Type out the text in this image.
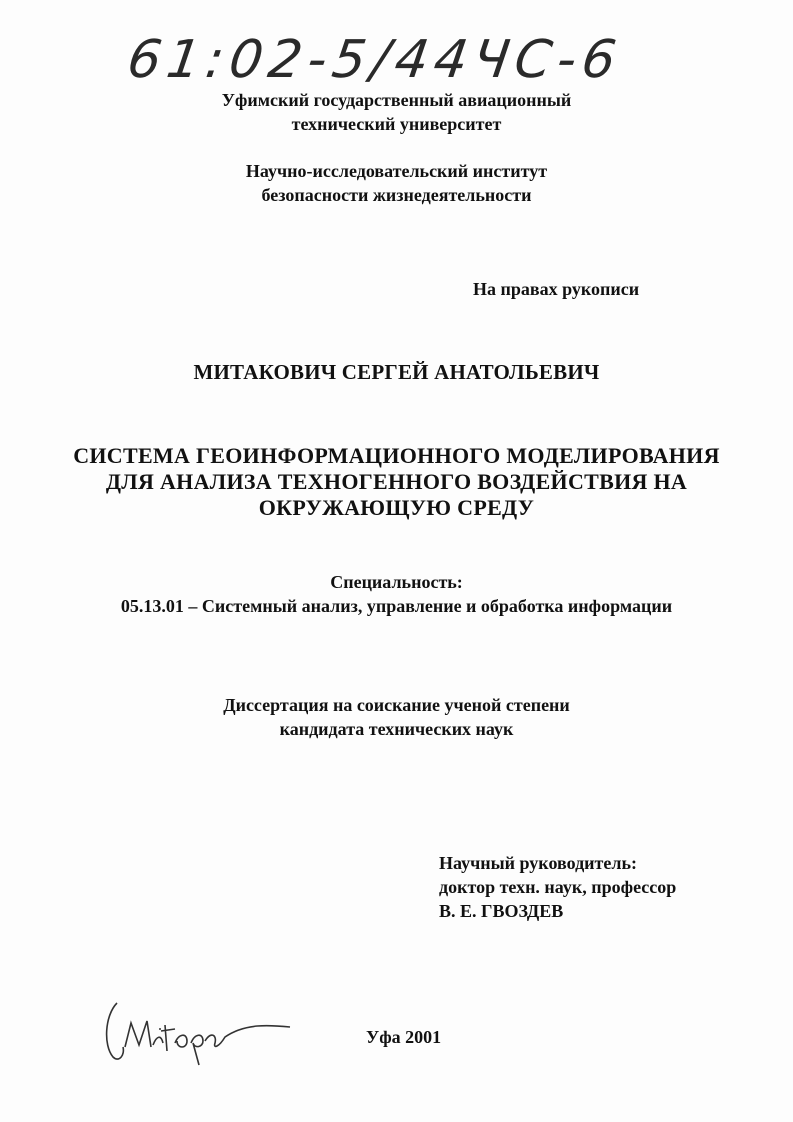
61:02-5/44ЧС-6
Уфимский государственный авиационный
технический университет
Научно-исследовательский институт
безопасности жизнедеятельности
На правах рукописи
МИТАКОВИЧ СЕРГЕЙ АНАТОЛЬЕВИЧ
СИСТЕМА ГЕОИНФОРМАЦИОННОГО МОДЕЛИРОВАНИЯ
ДЛЯ АНАЛИЗА ТЕХНОГЕННОГО ВОЗДЕЙСТВИЯ НА
ОКРУЖАЮЩУЮ СРЕДУ
Специальность:
05.13.01 – Системный анализ, управление и обработка информации
Диссертация на соискание ученой степени
кандидата технических наук
Научный руководитель:
доктор техн. наук, профессор
В. Е. ГВОЗДЕВ
Уфа 2001
